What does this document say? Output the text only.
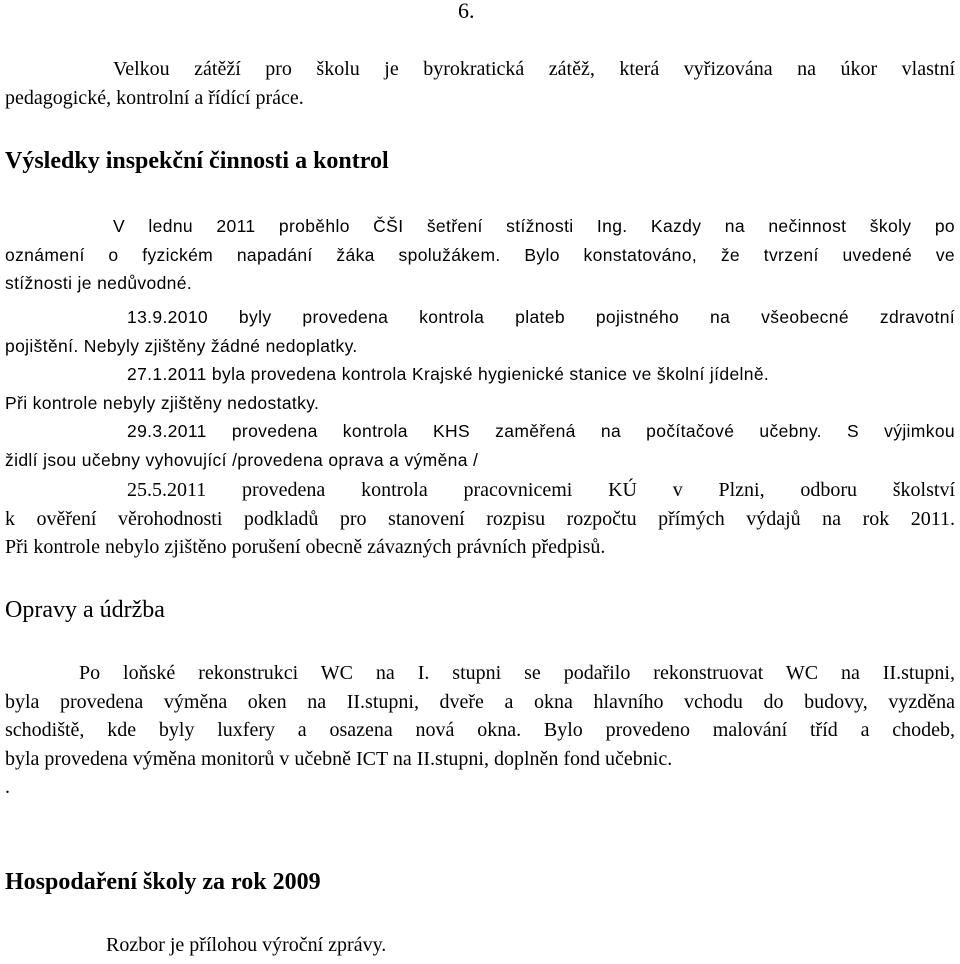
6.
Velkou zátěží pro školu je byrokratická zátěž, která vyřizována na úkor vlastní
pedagogické, kontrolní a řídící práce.
Výsledky inspekční činnosti a kontrol
V lednu 2011 proběhlo ČŠI šetření stížnosti Ing. Kazdy na nečinnost školy po
oznámení o fyzickém napadání žáka spolužákem. Bylo konstatováno, že tvrzení uvedené ve
stížnosti je nedůvodné.
13.9.2010 byly provedena kontrola plateb pojistného na všeobecné zdravotní
pojištění. Nebyly zjištěny žádné nedoplatky.
27.1.2011 byla provedena kontrola Krajské hygienické stanice ve školní jídelně.
Při kontrole nebyly zjištěny nedostatky.
29.3.2011 provedena kontrola KHS zaměřená na počítačové učebny. S výjimkou
židlí jsou učebny vyhovující /provedena oprava a výměna /
25.5.2011 provedena kontrola pracovnicemi KÚ v Plzni, odboru školství
k ověření věrohodnosti podkladů pro stanovení rozpisu rozpočtu přímých výdajů na rok 2011.
Při kontrole nebylo zjištěno porušení obecně závazných právních předpisů.
Opravy a údržba
Po loňské rekonstrukci WC na I. stupni se podařilo rekonstruovat WC na II.stupni,
byla provedena výměna oken na II.stupni, dveře a okna hlavního vchodu do budovy, vyzděna
schodiště, kde byly luxfery a osazena nová okna. Bylo provedeno malování tříd a chodeb,
byla provedena výměna monitorů v učebně ICT na II.stupni, doplněn fond učebnic.
.
Hospodaření školy za rok 2009
Rozbor je přílohou výroční zprávy.
